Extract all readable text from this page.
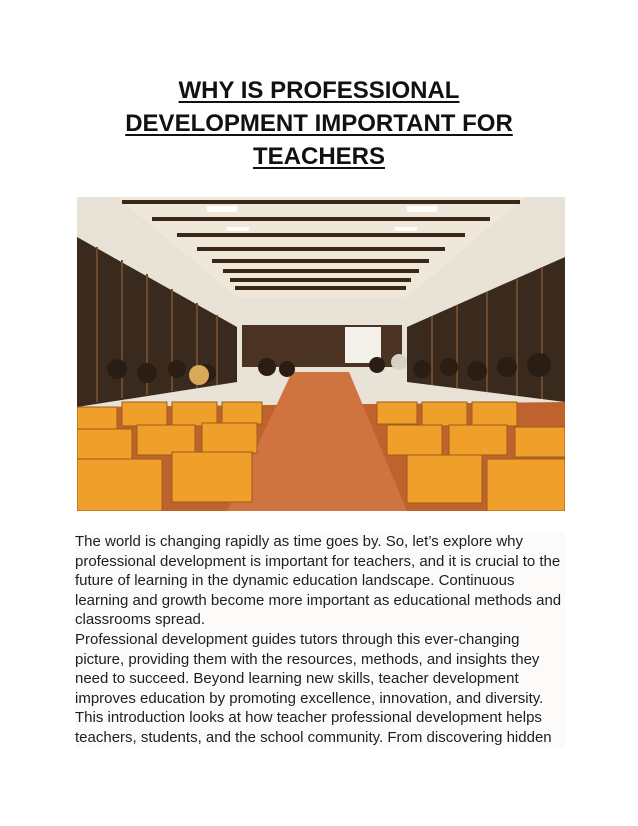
WHY IS PROFESSIONAL
DEVELOPMENT IMPORTANT FOR
TEACHERS

The world is changing rapidly as time goes by. So, let’s explore why professional development is important for teachers, and it is crucial to the future of learning in the dynamic education landscape. Continuous learning and growth become more important as educational methods and classrooms spread.

Professional development guides tutors through this ever-changing picture, providing them with the resources, methods, and insights they need to succeed. Beyond learning new skills, teacher development improves education by promoting excellence, innovation, and diversity.

This introduction looks at how teacher professional development helps teachers, students, and the school community. From discovering hidden
